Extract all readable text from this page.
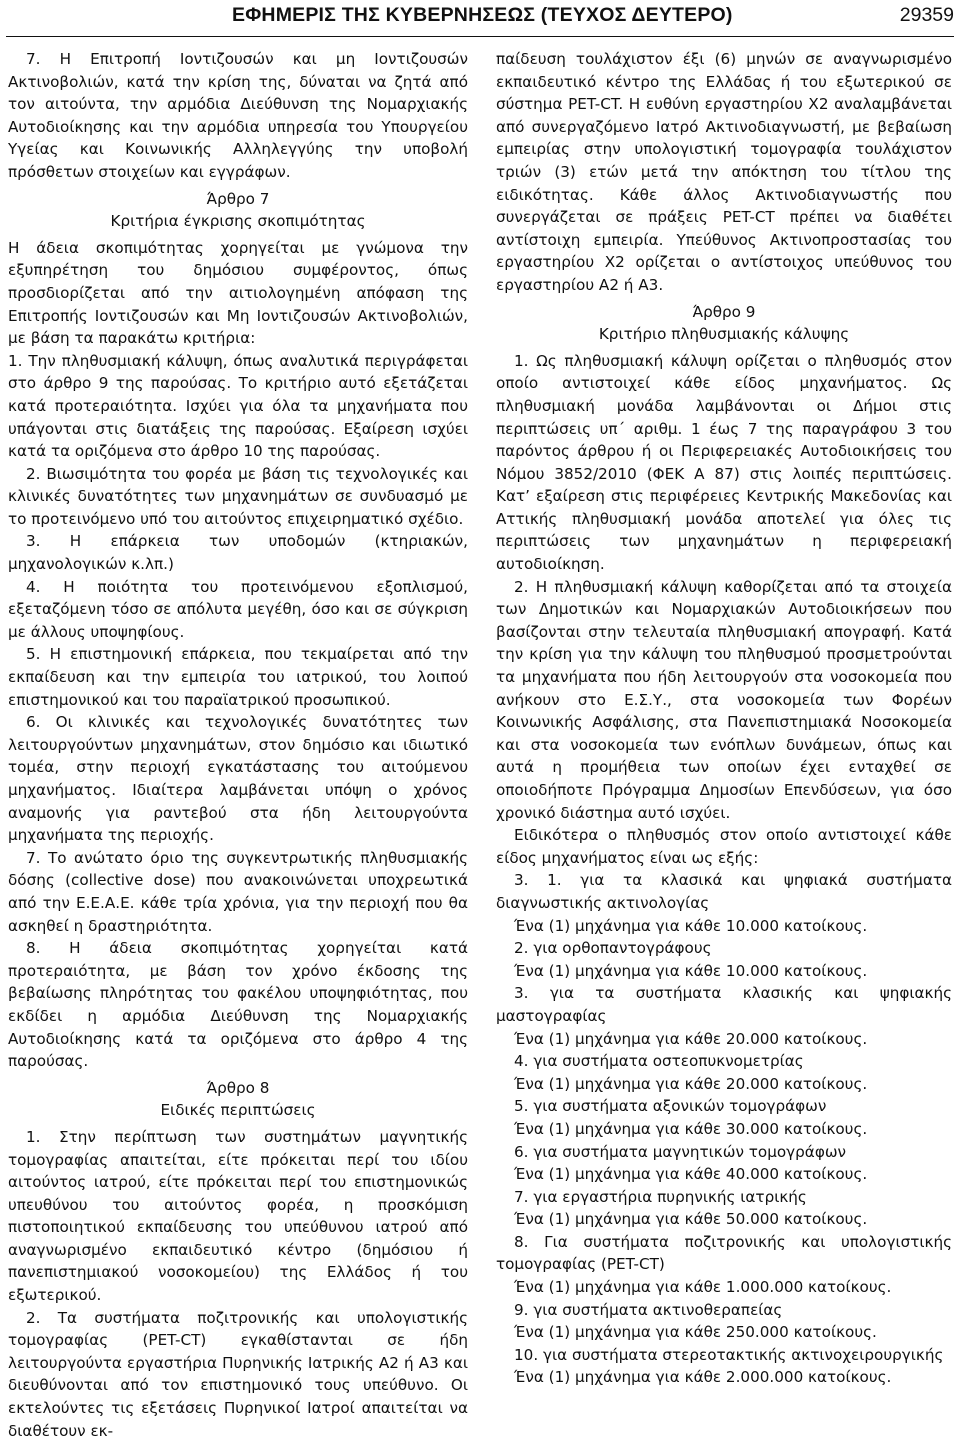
ΕΦΗΜΕΡΙΣ ΤΗΣ ΚΥΒΕΡΝΗΣΕΩΣ (ΤΕΥΧΟΣ ΔΕΥΤΕΡΟ)	29359

7. Η Επιτροπή Ιοντιζουσών και μη Ιοντιζουσών Ακτινοβολιών, κατά την κρίση της, δύναται να ζητά από τον αιτούντα, την αρμόδια Διεύθυνση της Νομαρχιακής Αυτοδιοίκησης και την αρμόδια υπηρεσία του Υπουργείου Υγείας και Κοινωνικής Αλληλεγγύης την υποβολή πρόσθετων στοιχείων και εγγράφων.

Άρθρο 7

Κριτήρια έγκρισης σκοπιμότητας

Η άδεια σκοπιμότητας χορηγείται με γνώμονα την εξυπηρέτηση του δημόσιου συμφέροντος, όπως προσδιορίζεται από την αιτιολογημένη απόφαση της Επιτροπής Ιοντιζουσών και Μη Ιοντιζουσών Ακτινοβολιών, με βάση τα παρακάτω κριτήρια:

1. Την πληθυσμιακή κάλυψη, όπως αναλυτικά περιγράφεται στο άρθρο 9 της παρούσας. Το κριτήριο αυτό εξετάζεται κατά προτεραιότητα. Ισχύει για όλα τα μηχανήματα που υπάγονται στις διατάξεις της παρούσας. Εξαίρεση ισχύει κατά τα οριζόμενα στο άρθρο 10 της παρούσας.

2. Βιωσιμότητα του φορέα με βάση τις τεχνολογικές και κλινικές δυνατότητες των μηχανημάτων σε συνδυασμό με το προτεινόμενο υπό του αιτούντος επιχειρηματικό σχέδιο.

3. Η επάρκεια των υποδομών (κτηριακών, μηχανολογικών κ.λπ.)

4. Η ποιότητα του προτεινόμενου εξοπλισμού, εξεταζόμενη τόσο σε απόλυτα μεγέθη, όσο και σε σύγκριση με άλλους υποψηφίους.

5. Η επιστημονική επάρκεια, που τεκμαίρεται από την εκπαίδευση και την εμπειρία του ιατρικού, του λοιπού επιστημονικού και του παραϊατρικού προσωπικού.

6. Οι κλινικές και τεχνολογικές δυνατότητες των λειτουργούντων μηχανημάτων, στον δημόσιο και ιδιωτικό τομέα, στην περιοχή εγκατάστασης του αιτούμενου μηχανήματος. Ιδιαίτερα λαμβάνεται υπόψη ο χρόνος αναμονής για ραντεβού στα ήδη λειτουργούντα μηχανήματα της περιοχής.

7. Το ανώτατο όριο της συγκεντρωτικής πληθυσμιακής δόσης (collective dose) που ανακοινώνεται υποχρεωτικά από την Ε.Ε.Α.Ε. κάθε τρία χρόνια, για την περιοχή που θα ασκηθεί η δραστηριότητα.

8. Η άδεια σκοπιμότητας χορηγείται κατά προτεραιότητα, με βάση τον χρόνο έκδοσης της βεβαίωσης πληρότητας του φακέλου υποψηφιότητας, που εκδίδει η αρμόδια Διεύθυνση της Νομαρχιακής Αυτοδιοίκησης κατά τα οριζόμενα στο άρθρο 4 της παρούσας.

Άρθρο 8

Ειδικές περιπτώσεις

1. Στην περίπτωση των συστημάτων μαγνητικής τομογραφίας απαιτείται, είτε πρόκειται περί του ιδίου αιτούντος ιατρού, είτε πρόκειται περί του επιστημονικώς υπευθύνου του αιτούντος φορέα, η προσκόμιση πιστοποιητικού εκπαίδευσης του υπεύθυνου ιατρού από αναγνωρισμένο εκπαιδευτικό κέντρο (δημόσιου ή πανεπιστημιακού νοσοκομείου) της Ελλάδος ή του εξωτερικού.

2. Τα συστήματα ποζιτρονικής και υπολογιστικής τομογραφίας (PET-CT) εγκαθίστανται σε ήδη λειτουργούντα εργαστήρια Πυρηνικής Ιατρικής Α2 ή Α3 και διευθύνονται από τον επιστημονικό τους υπεύθυνο. Οι εκτελούντες τις εξετάσεις Πυρηνικοί Ιατροί απαιτείται να διαθέτουν εκ-

παίδευση τουλάχιστον έξι (6) μηνών σε αναγνωρισμένο εκπαιδευτικό κέντρο της Ελλάδας ή του εξωτερικού σε σύστημα PET-CT. Η ευθύνη εργαστηρίου Χ2 αναλαμβάνεται από συνεργαζόμενο Ιατρό Ακτινοδιαγνωστή, με βεβαίωση εμπειρίας στην υπολογιστική τομογραφία τουλάχιστον τριών (3) ετών μετά την απόκτηση του τίτλου της ειδικότητας. Κάθε άλλος Ακτινοδιαγνωστής που συνεργάζεται σε πράξεις PET-CT πρέπει να διαθέτει αντίστοιχη εμπειρία. Υπεύθυνος Ακτινοπροστασίας του εργαστηρίου Χ2 ορίζεται ο αντίστοιχος υπεύθυνος του εργαστηρίου Α2 ή Α3.

Άρθρο 9

Κριτήριο πληθυσμιακής κάλυψης

1. Ως πληθυσμιακή κάλυψη ορίζεται ο πληθυσμός στον οποίο αντιστοιχεί κάθε είδος μηχανήματος. Ως πληθυσμιακή μονάδα λαμβάνονται οι Δήμοι στις περιπτώσεις υπ΄ αριθμ. 1 έως 7 της παραγράφου 3 του παρόντος άρθρου ή οι Περιφερειακές Αυτοδιοικήσεις του Νόμου 3852/2010 (ΦΕΚ Α 87) στις λοιπές περιπτώσεις. Κατ’ εξαίρεση στις περιφέρειες Κεντρικής Μακεδονίας και Αττικής πληθυσμιακή μονάδα αποτελεί για όλες τις περιπτώσεις των μηχανημάτων η περιφερειακή αυτοδιοίκηση.

2. Η πληθυσμιακή κάλυψη καθορίζεται από τα στοιχεία των Δημοτικών και Νομαρχιακών Αυτοδιοικήσεων που βασίζονται στην τελευταία πληθυσμιακή απογραφή. Κατά την κρίση για την κάλυψη του πληθυσμού προσμετρούνται τα μηχανήματα που ήδη λειτουργούν στα νοσοκομεία που ανήκουν στο Ε.Σ.Υ., στα νοσοκομεία των Φορέων Κοινωνικής Ασφάλισης, στα Πανεπιστημιακά Νοσοκομεία και στα νοσοκομεία των ενόπλων δυνάμεων, όπως και αυτά η προμήθεια των οποίων έχει ενταχθεί σε οποιοδήποτε Πρόγραμμα Δημοσίων Επενδύσεων, για όσο χρονικό διάστημα αυτό ισχύει.

Ειδικότερα ο πληθυσμός στον οποίο αντιστοιχεί κάθε είδος μηχανήματος είναι ως εξής:

3. 1. για τα κλασικά και ψηφιακά συστήματα διαγνωστικής ακτινολογίας

Ένα (1) μηχάνημα για κάθε 10.000 κατοίκους.

2. για ορθοπαντογράφους

Ένα (1) μηχάνημα για κάθε 10.000 κατοίκους.

3. για τα συστήματα κλασικής και ψηφιακής μαστογραφίας

Ένα (1) μηχάνημα για κάθε 20.000 κατοίκους.

4. για συστήματα οστεοπυκνομετρίας

Ένα (1) μηχάνημα για κάθε 20.000 κατοίκους.

5. για συστήματα αξονικών τομογράφων

Ένα (1) μηχάνημα για κάθε 30.000 κατοίκους.

6. για συστήματα μαγνητικών τομογράφων

Ένα (1) μηχάνημα για κάθε 40.000 κατοίκους.

7. για εργαστήρια πυρηνικής ιατρικής

Ένα (1) μηχάνημα για κάθε 50.000 κατοίκους.

8. Για συστήματα ποζιτρονικής και υπολογιστικής τομογραφίας (PET-CT)

Ένα (1) μηχάνημα για κάθε 1.000.000 κατοίκους.

9. για συστήματα ακτινοθεραπείας

Ένα (1) μηχάνημα για κάθε 250.000 κατοίκους.

10. για συστήματα στερεοτακτικής ακτινοχειρουργικής

Ένα (1) μηχάνημα για κάθε 2.000.000 κατοίκους.
